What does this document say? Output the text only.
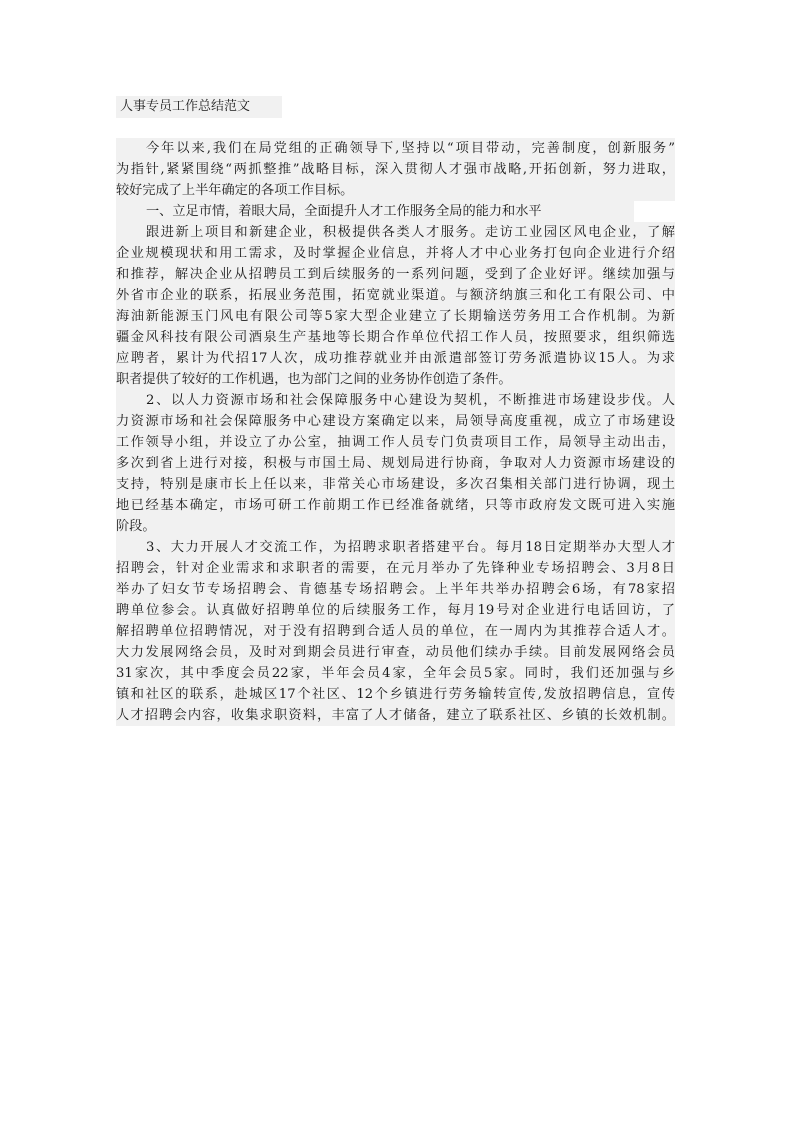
人事专员工作总结范文
今年以来,我们在局党组的正确领导下,坚持以“项目带动，完善制度，创新服务”
为指针,紧紧围绕“两抓整推”战略目标，深入贯彻人才强市战略,开拓创新，努力进取，
较好完成了上半年确定的各项工作目标。
一、立足市情，着眼大局，全面提升人才工作服务全局的能力和水平
跟进新上项目和新建企业，积极提供各类人才服务。走访工业园区风电企业，了解
企业规模现状和用工需求，及时掌握企业信息，并将人才中心业务打包向企业进行介绍
和推荐，解决企业从招聘员工到后续服务的一系列问题，受到了企业好评。继续加强与
外省市企业的联系，拓展业务范围，拓宽就业渠道。与额济纳旗三和化工有限公司、中
海油新能源玉门风电有限公司等5家大型企业建立了长期输送劳务用工合作机制。为新
疆金风科技有限公司酒泉生产基地等长期合作单位代招工作人员，按照要求，组织筛选
应聘者，累计为代招17人次，成功推荐就业并由派遣部签订劳务派遣协议15人。为求
职者提供了较好的工作机遇，也为部门之间的业务协作创造了条件。
2、以人力资源市场和社会保障服务中心建设为契机，不断推进市场建设步伐。人
力资源市场和社会保障服务中心建设方案确定以来，局领导高度重视，成立了市场建设
工作领导小组，并设立了办公室，抽调工作人员专门负责项目工作，局领导主动出击，
多次到省上进行对接，积极与市国土局、规划局进行协商，争取对人力资源市场建设的
支持，特别是康市长上任以来，非常关心市场建设，多次召集相关部门进行协调，现土
地已经基本确定，市场可研工作前期工作已经准备就绪，只等市政府发文既可进入实施
阶段。
3、大力开展人才交流工作，为招聘求职者搭建平台。每月18日定期举办大型人才
招聘会，针对企业需求和求职者的需要，在元月举办了先锋种业专场招聘会、3月8日
举办了妇女节专场招聘会、肯德基专场招聘会。上半年共举办招聘会6场，有78家招
聘单位参会。认真做好招聘单位的后续服务工作，每月19号对企业进行电话回访，了
解招聘单位招聘情况，对于没有招聘到合适人员的单位，在一周内为其推荐合适人才。
大力发展网络会员，及时对到期会员进行审查，动员他们续办手续。目前发展网络会员
31家次，其中季度会员22家，半年会员4家，全年会员5家。同时，我们还加强与乡
镇和社区的联系，赴城区17个社区、12个乡镇进行劳务输转宣传,发放招聘信息，宣传
人才招聘会内容，收集求职资料，丰富了人才储备，建立了联系社区、乡镇的长效机制。
